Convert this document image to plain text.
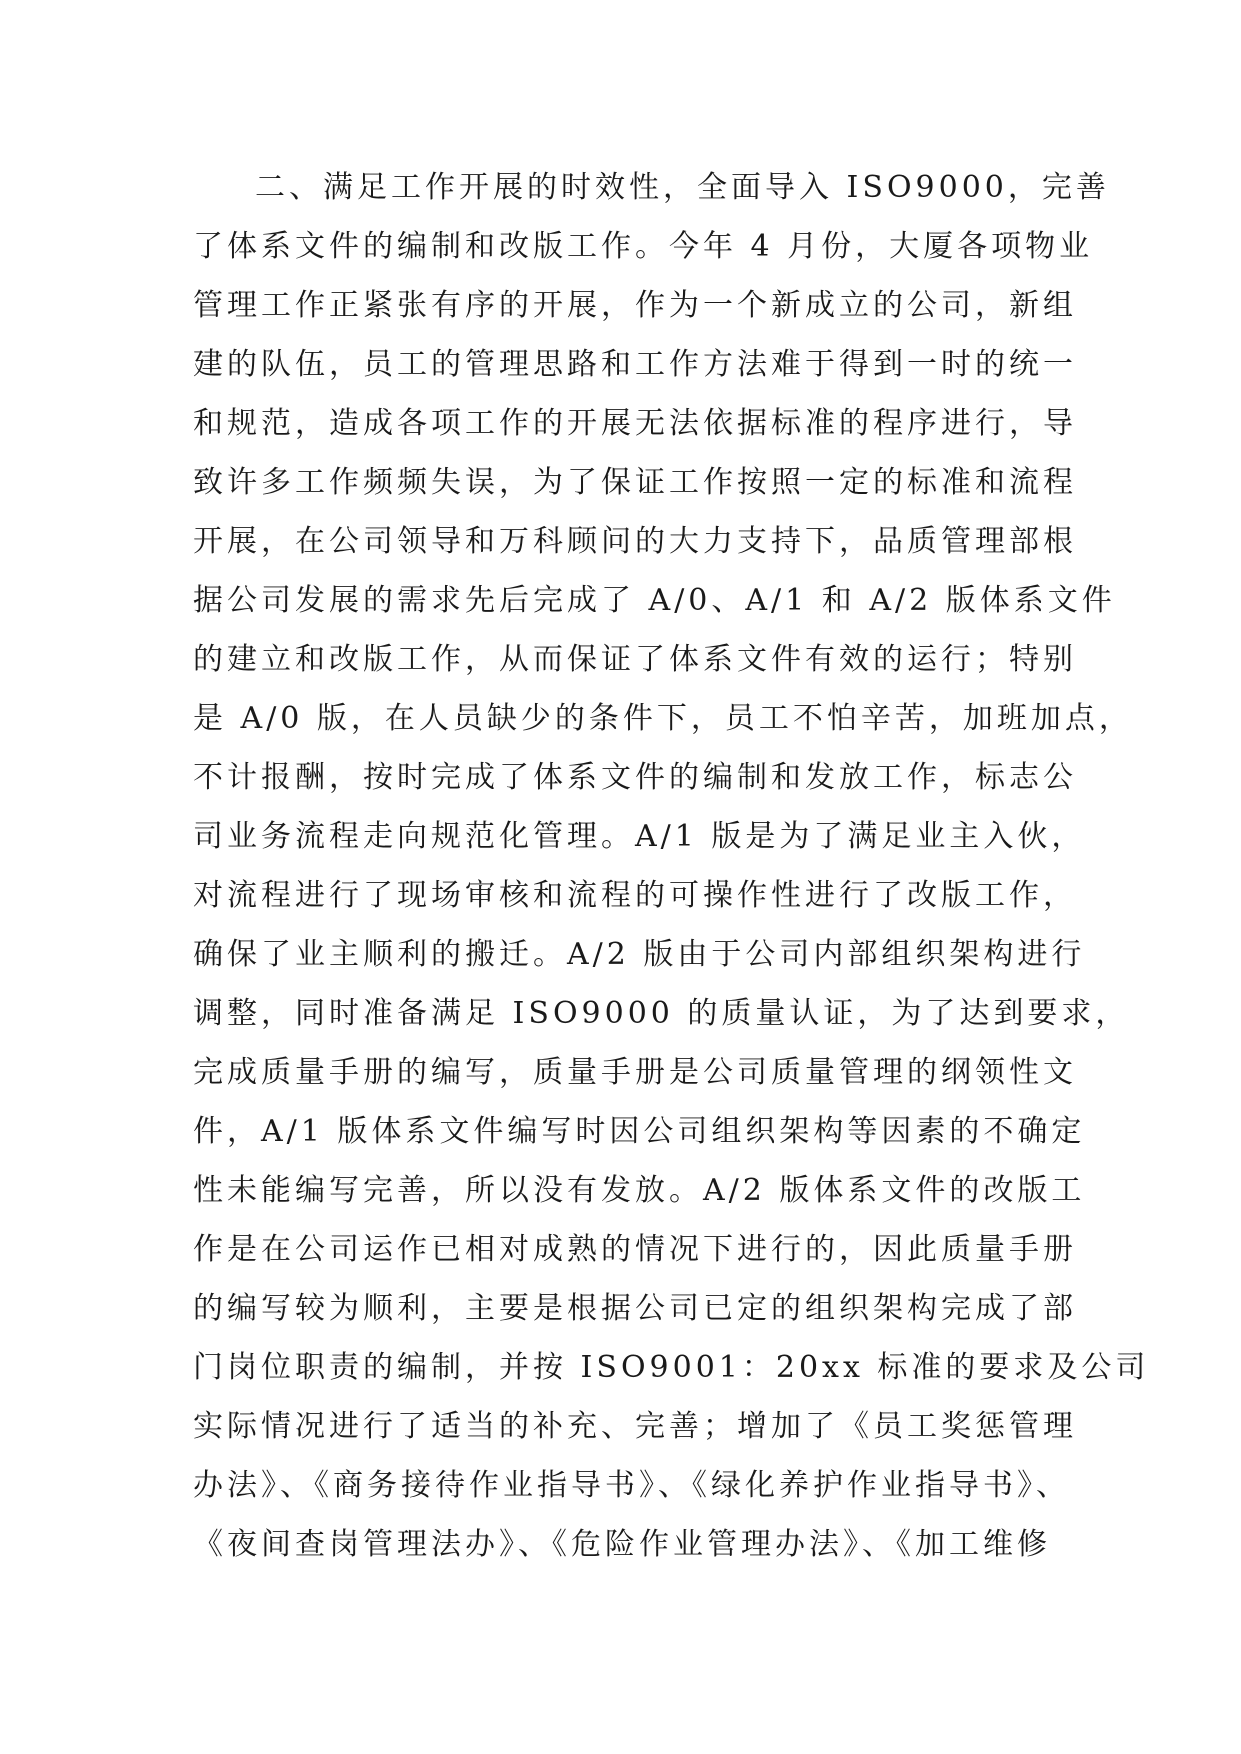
二、满足工作开展的时效性，全面导入 ISO9000，完善
了体系文件的编制和改版工作。今年 4 月份，大厦各项物业
管理工作正紧张有序的开展，作为一个新成立的公司，新组
建的队伍，员工的管理思路和工作方法难于得到一时的统一
和规范，造成各项工作的开展无法依据标准的程序进行，导
致许多工作频频失误，为了保证工作按照一定的标准和流程
开展，在公司领导和万科顾问的大力支持下，品质管理部根
据公司发展的需求先后完成了 A/0、A/1 和 A/2 版体系文件
的建立和改版工作，从而保证了体系文件有效的运行；特别
是 A/0 版，在人员缺少的条件下，员工不怕辛苦，加班加点，
不计报酬，按时完成了体系文件的编制和发放工作，标志公
司业务流程走向规范化管理。A/1 版是为了满足业主入伙，
对流程进行了现场审核和流程的可操作性进行了改版工作，
确保了业主顺利的搬迁。A/2 版由于公司内部组织架构进行
调整，同时准备满足 ISO9000 的质量认证，为了达到要求，
完成质量手册的编写，质量手册是公司质量管理的纲领性文
件，A/1 版体系文件编写时因公司组织架构等因素的不确定
性未能编写完善，所以没有发放。A/2 版体系文件的改版工
作是在公司运作已相对成熟的情况下进行的，因此质量手册
的编写较为顺利，主要是根据公司已定的组织架构完成了部
门岗位职责的编制，并按 ISO9001：20xx 标准的要求及公司
实际情况进行了适当的补充、完善；增加了《员工奖惩管理
办法》、《商务接待作业指导书》、《绿化养护作业指导书》、
《夜间查岗管理法办》、《危险作业管理办法》、《加工维修
